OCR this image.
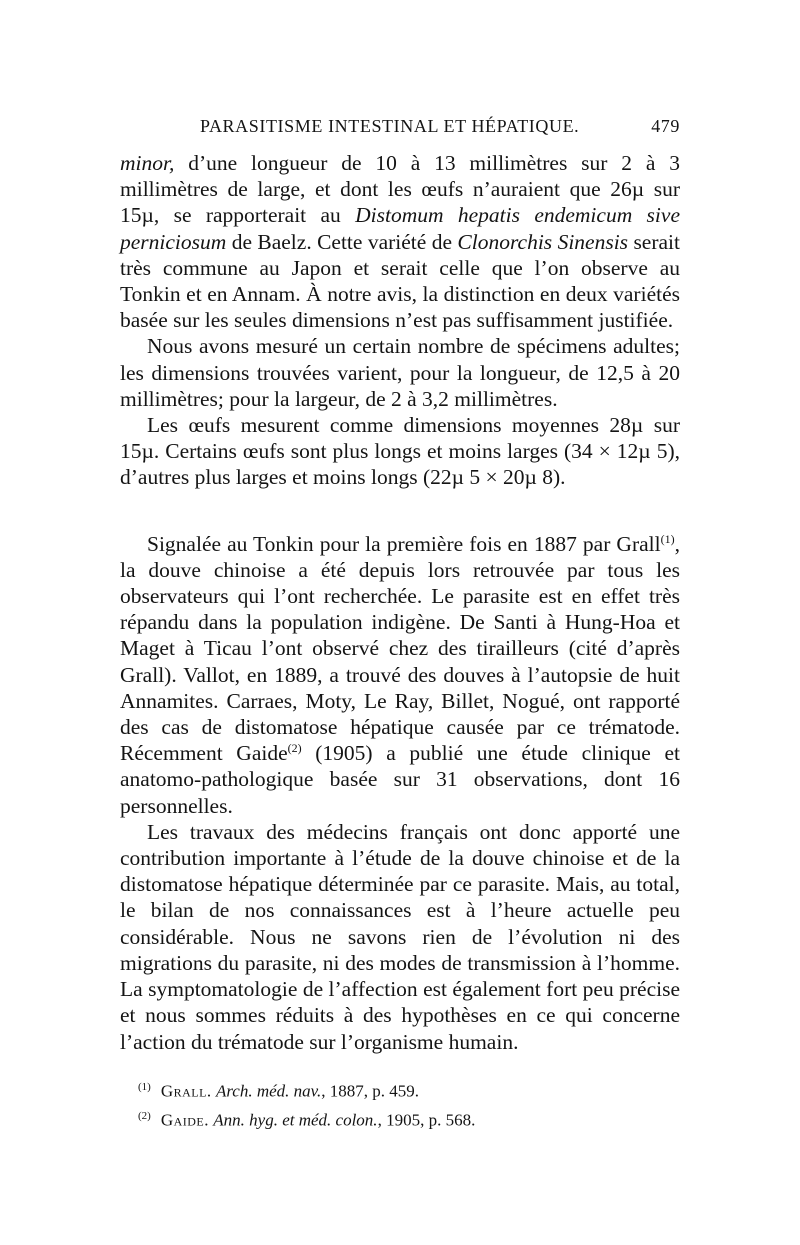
PARASITISME INTESTINAL ET HÉPATIQUE.	479

minor, d’une longueur de 10 à 13 millimètres sur 2 à 3 millimètres de large, et dont les œufs n’auraient que 26µ sur 15µ, se rapporterait au Distomum hepatis endemicum sive perniciosum de Baelz. Cette variété de Clonorchis Sinensis serait très commune au Japon et serait celle que l’on observe au Tonkin et en Annam. À notre avis, la distinction en deux variétés basée sur les seules dimensions n’est pas suffisamment justifiée.

Nous avons mesuré un certain nombre de spécimens adultes; les dimensions trouvées varient, pour la longueur, de 12,5 à 20 millimètres; pour la largeur, de 2 à 3,2 millimètres.

Les œufs mesurent comme dimensions moyennes 28µ sur 15µ. Certains œufs sont plus longs et moins larges (34 × 12µ 5), d’autres plus larges et moins longs (22µ 5 × 20µ 8).

Signalée au Tonkin pour la première fois en 1887 par Grall$^{(1)}$, la douve chinoise a été depuis lors retrouvée par tous les observateurs qui l’ont recherchée. Le parasite est en effet très répandu dans la population indigène. De Santi à Hung-Hoa et Maget à Ticau l’ont observé chez des tirailleurs (cité d’après Grall). Vallot, en 1889, a trouvé des douves à l’autopsie de huit Annamites. Carraes, Moty, Le Ray, Billet, Nogué, ont rapporté des cas de distomatose hépatique causée par ce trématode. Récemment Gaide$^{(2)}$ (1905) a publié une étude clinique et anatomo-pathologique basée sur 31 observations, dont 16 personnelles.

Les travaux des médecins français ont donc apporté une contribution importante à l’étude de la douve chinoise et de la distomatose hépatique déterminée par ce parasite. Mais, au total, le bilan de nos connaissances est à l’heure actuelle peu considérable. Nous ne savons rien de l’évolution ni des migrations du parasite, ni des modes de transmission à l’homme. La symptomatologie de l’affection est également fort peu précise et nous sommes réduits à des hypothèses en ce qui concerne l’action du trématode sur l’organisme humain.

$^{(1)}$ Grall. Arch. méd. nav., 1887, p. 459.
$^{(2)}$ Gaide. Ann. hyg. et méd. colon., 1905, p. 568.
